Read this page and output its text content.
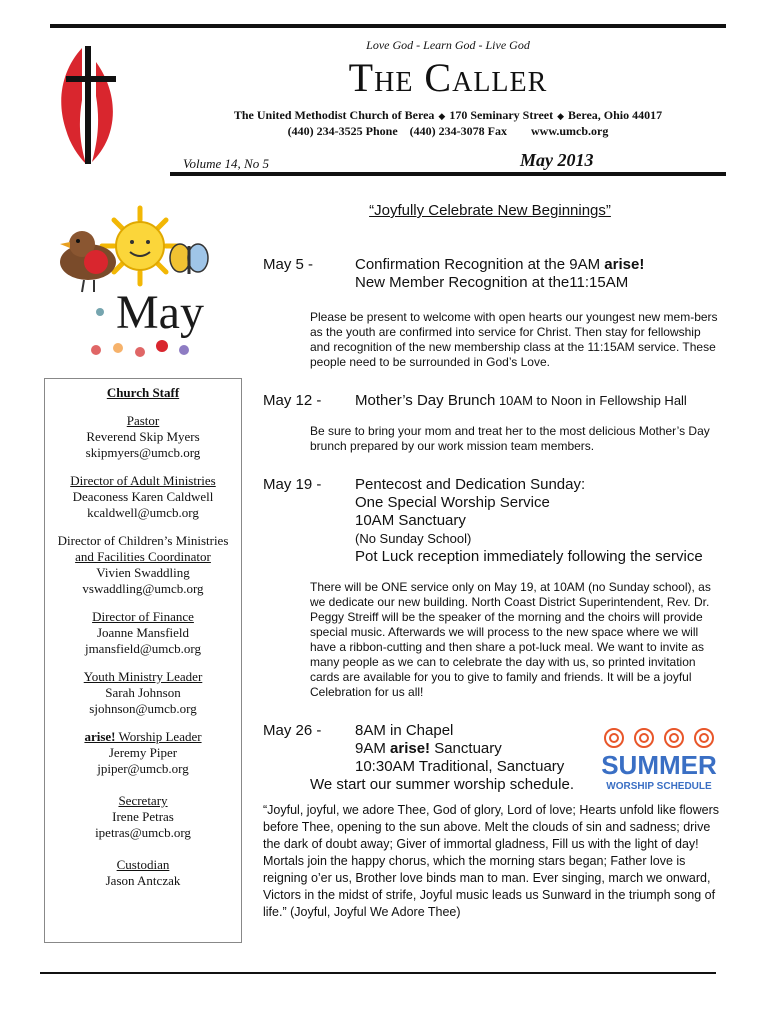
Love God - Learn God - Live God
THE CALLER
The United Methodist Church of Berea ◆ 170 Seminary Street ◆ Berea, Ohio 44017
(440) 234-3525 Phone (440) 234-3078 Fax www.umcb.org
Volume 14, No 5	May 2013
May
Church Staff
Pastor
Reverend Skip Myers
skipmyers@umcb.org
Director of Adult Ministries
Deaconess Karen Caldwell
kcaldwell@umcb.org
Director of Children’s Ministries
and Facilities Coordinator
Vivien Swaddling
vswaddling@umcb.org
Director of Finance
Joanne Mansfield
jmansfield@umcb.org
Youth Ministry Leader
Sarah Johnson
sjohnson@umcb.org
arise! Worship Leader
Jeremy Piper
jpiper@umcb.org
Secretary
Irene Petras
ipetras@umcb.org
Custodian
Jason Antczak
“Joyfully Celebrate New Beginnings”
May 5 -	Confirmation Recognition at the 9AM arise!
New Member Recognition at the11:15AM
Please be present to welcome with open hearts our youngest new mem-bers as the youth are confirmed into service for Christ. Then stay for fellowship and recognition of the new membership class at the 11:15AM service. These people need to be surrounded in God’s Love.
May 12 - Mother’s Day Brunch 10AM to Noon in Fellowship Hall
Be sure to bring your mom and treat her to the most delicious Mother’s Day brunch prepared by our work mission team members.
May 19 - Pentecost and Dedication Sunday:
One Special Worship Service
10AM Sanctuary
(No Sunday School)
Pot Luck reception immediately following the service
There will be ONE service only on May 19, at 10AM (no Sunday school), as we dedicate our new building. North Coast District Superintendent, Rev. Dr. Peggy Streiff will be the speaker of the morning and the choirs will provide special music. Afterwards we will process to the new space where we will have a ribbon-cutting and then share a pot-luck meal. We want to invite as many people as we can to celebrate the day with us, so printed invitation cards are available for you to give to family and friends. It will be a joyful Celebration for us all!
May 26 - 8AM in Chapel
9AM arise! Sanctuary
10:30AM Traditional, Sanctuary
We start our summer worship schedule.
SUMMER
WORSHIP SCHEDULE
“Joyful, joyful, we adore Thee, God of glory, Lord of love; Hearts unfold like flowers before Thee, opening to the sun above. Melt the clouds of sin and sadness; drive the dark of doubt away; Giver of immortal gladness, Fill us with the light of day! Mortals join the happy chorus, which the morning stars began; Father love is reigning o’er us, Brother love binds man to man. Ever singing, march we onward, Victors in the midst of strife, Joyful music leads us Sunward in the triumph song of life.” (Joyful, Joyful We Adore Thee)
